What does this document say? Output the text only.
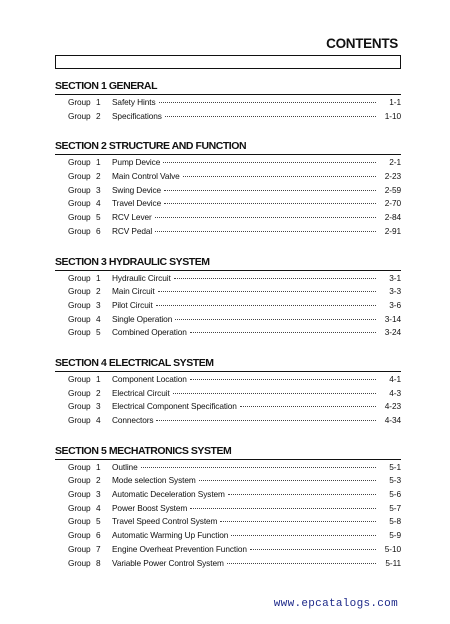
CONTENTS
SECTION 1 GENERAL
Group 1	Safety Hints	1-1
Group 2	Specifications	1-10
SECTION 2 STRUCTURE AND FUNCTION
Group 1	Pump Device	2-1
Group 2	Main Control Valve	2-23
Group 3	Swing Device	2-59
Group 4	Travel Device	2-70
Group 5	RCV Lever	2-84
Group 6	RCV Pedal	2-91
SECTION 3 HYDRAULIC SYSTEM
Group 1	Hydraulic Circuit	3-1
Group 2	Main Circuit	3-3
Group 3	Pilot Circuit	3-6
Group 4	Single Operation	3-14
Group 5	Combined Operation	3-24
SECTION 4 ELECTRICAL SYSTEM
Group 1	Component Location	4-1
Group 2	Electrical Circuit	4-3
Group 3	Electrical Component Specification	4-23
Group 4	Connectors	4-34
SECTION 5 MECHATRONICS SYSTEM
Group 1	Outline	5-1
Group 2	Mode selection System	5-3
Group 3	Automatic Deceleration System	5-6
Group 4	Power Boost System	5-7
Group 5	Travel Speed Control System	5-8
Group 6	Automatic Warming Up Function	5-9
Group 7	Engine Overheat Prevention Function	5-10
Group 8	Variable Power Control System	5-11
www.epcatalogs.com
